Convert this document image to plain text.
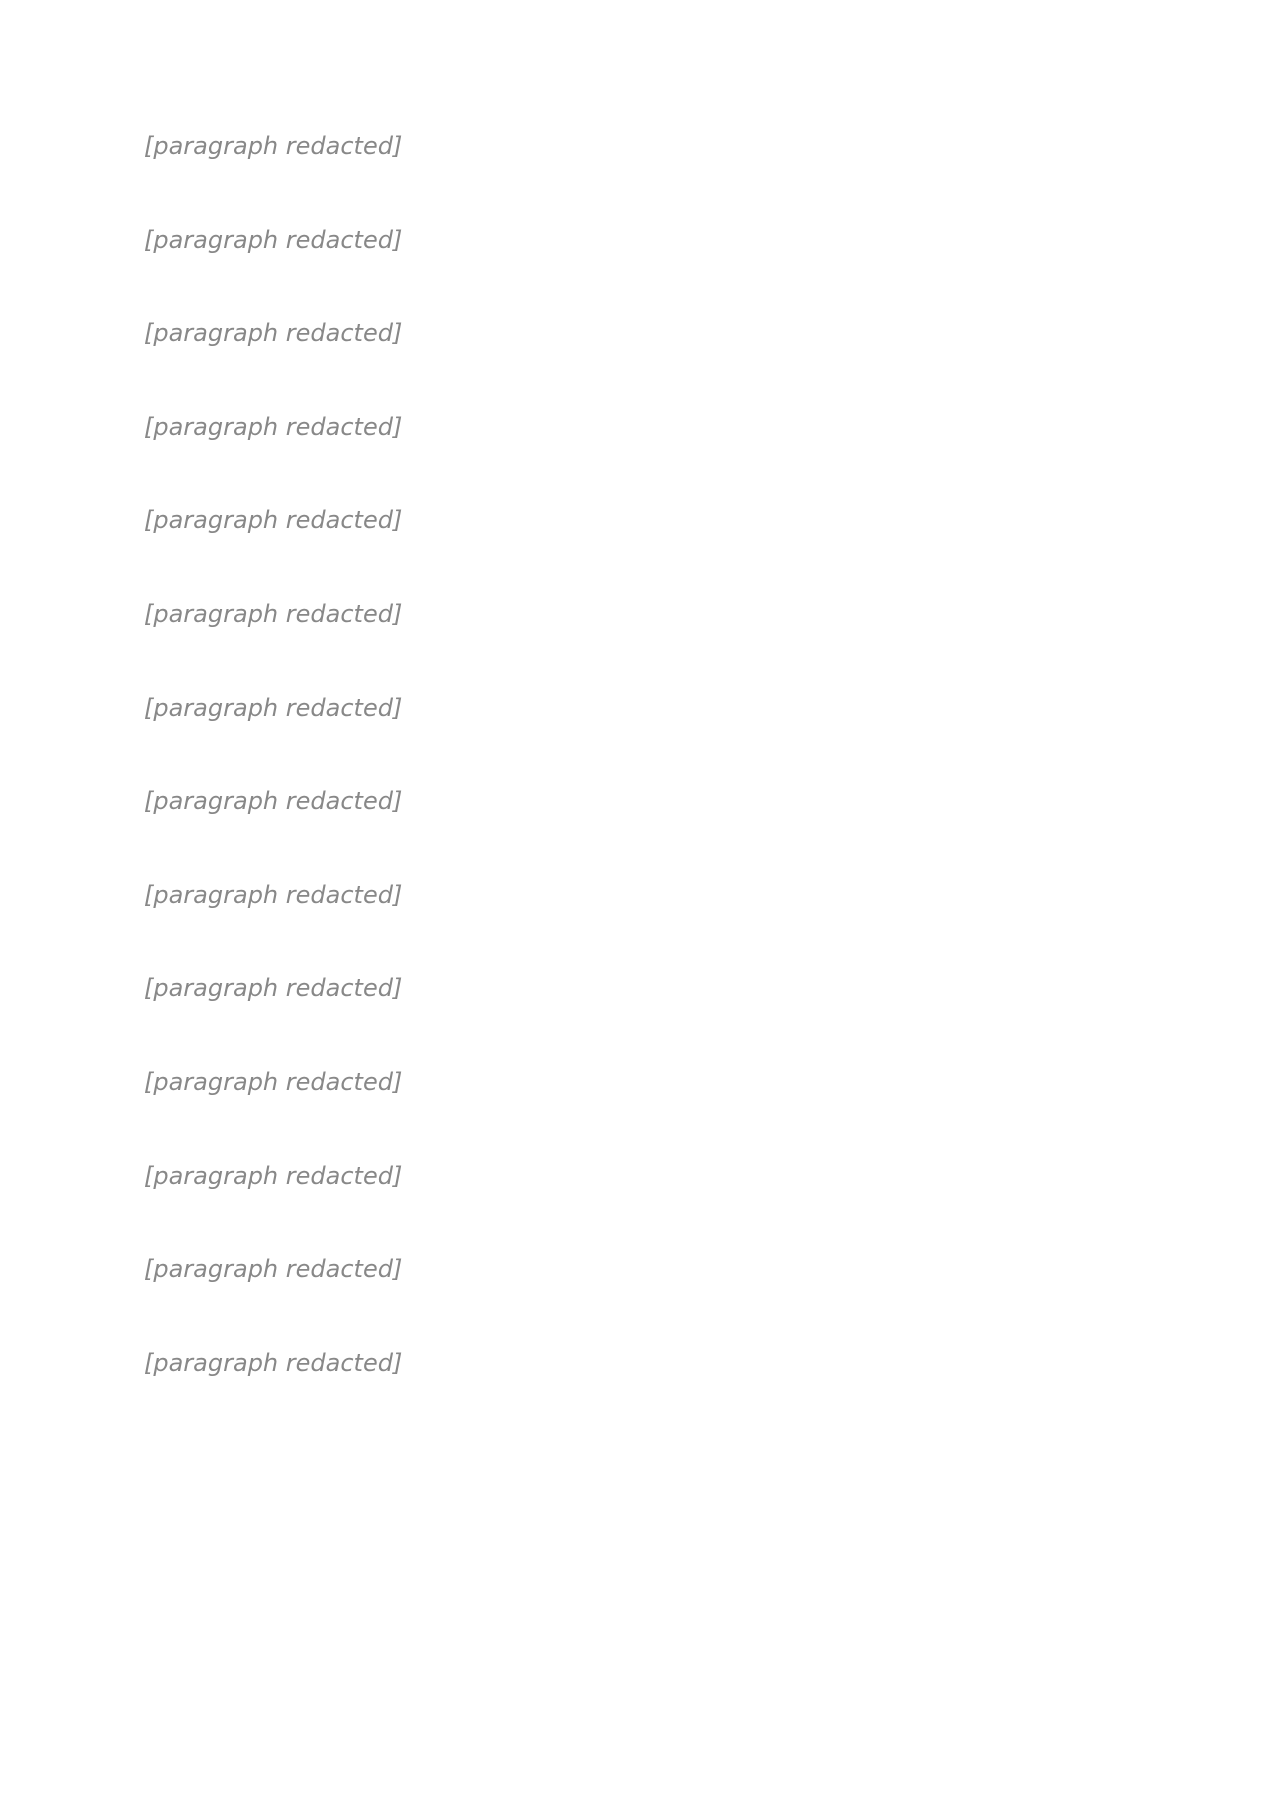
[paragraph redacted]

[paragraph redacted]

[paragraph redacted]

[paragraph redacted]

[paragraph redacted]

[paragraph redacted]

[paragraph redacted]

[paragraph redacted]

[paragraph redacted]

[paragraph redacted]

[paragraph redacted]

[paragraph redacted]

[paragraph redacted]

[paragraph redacted]
